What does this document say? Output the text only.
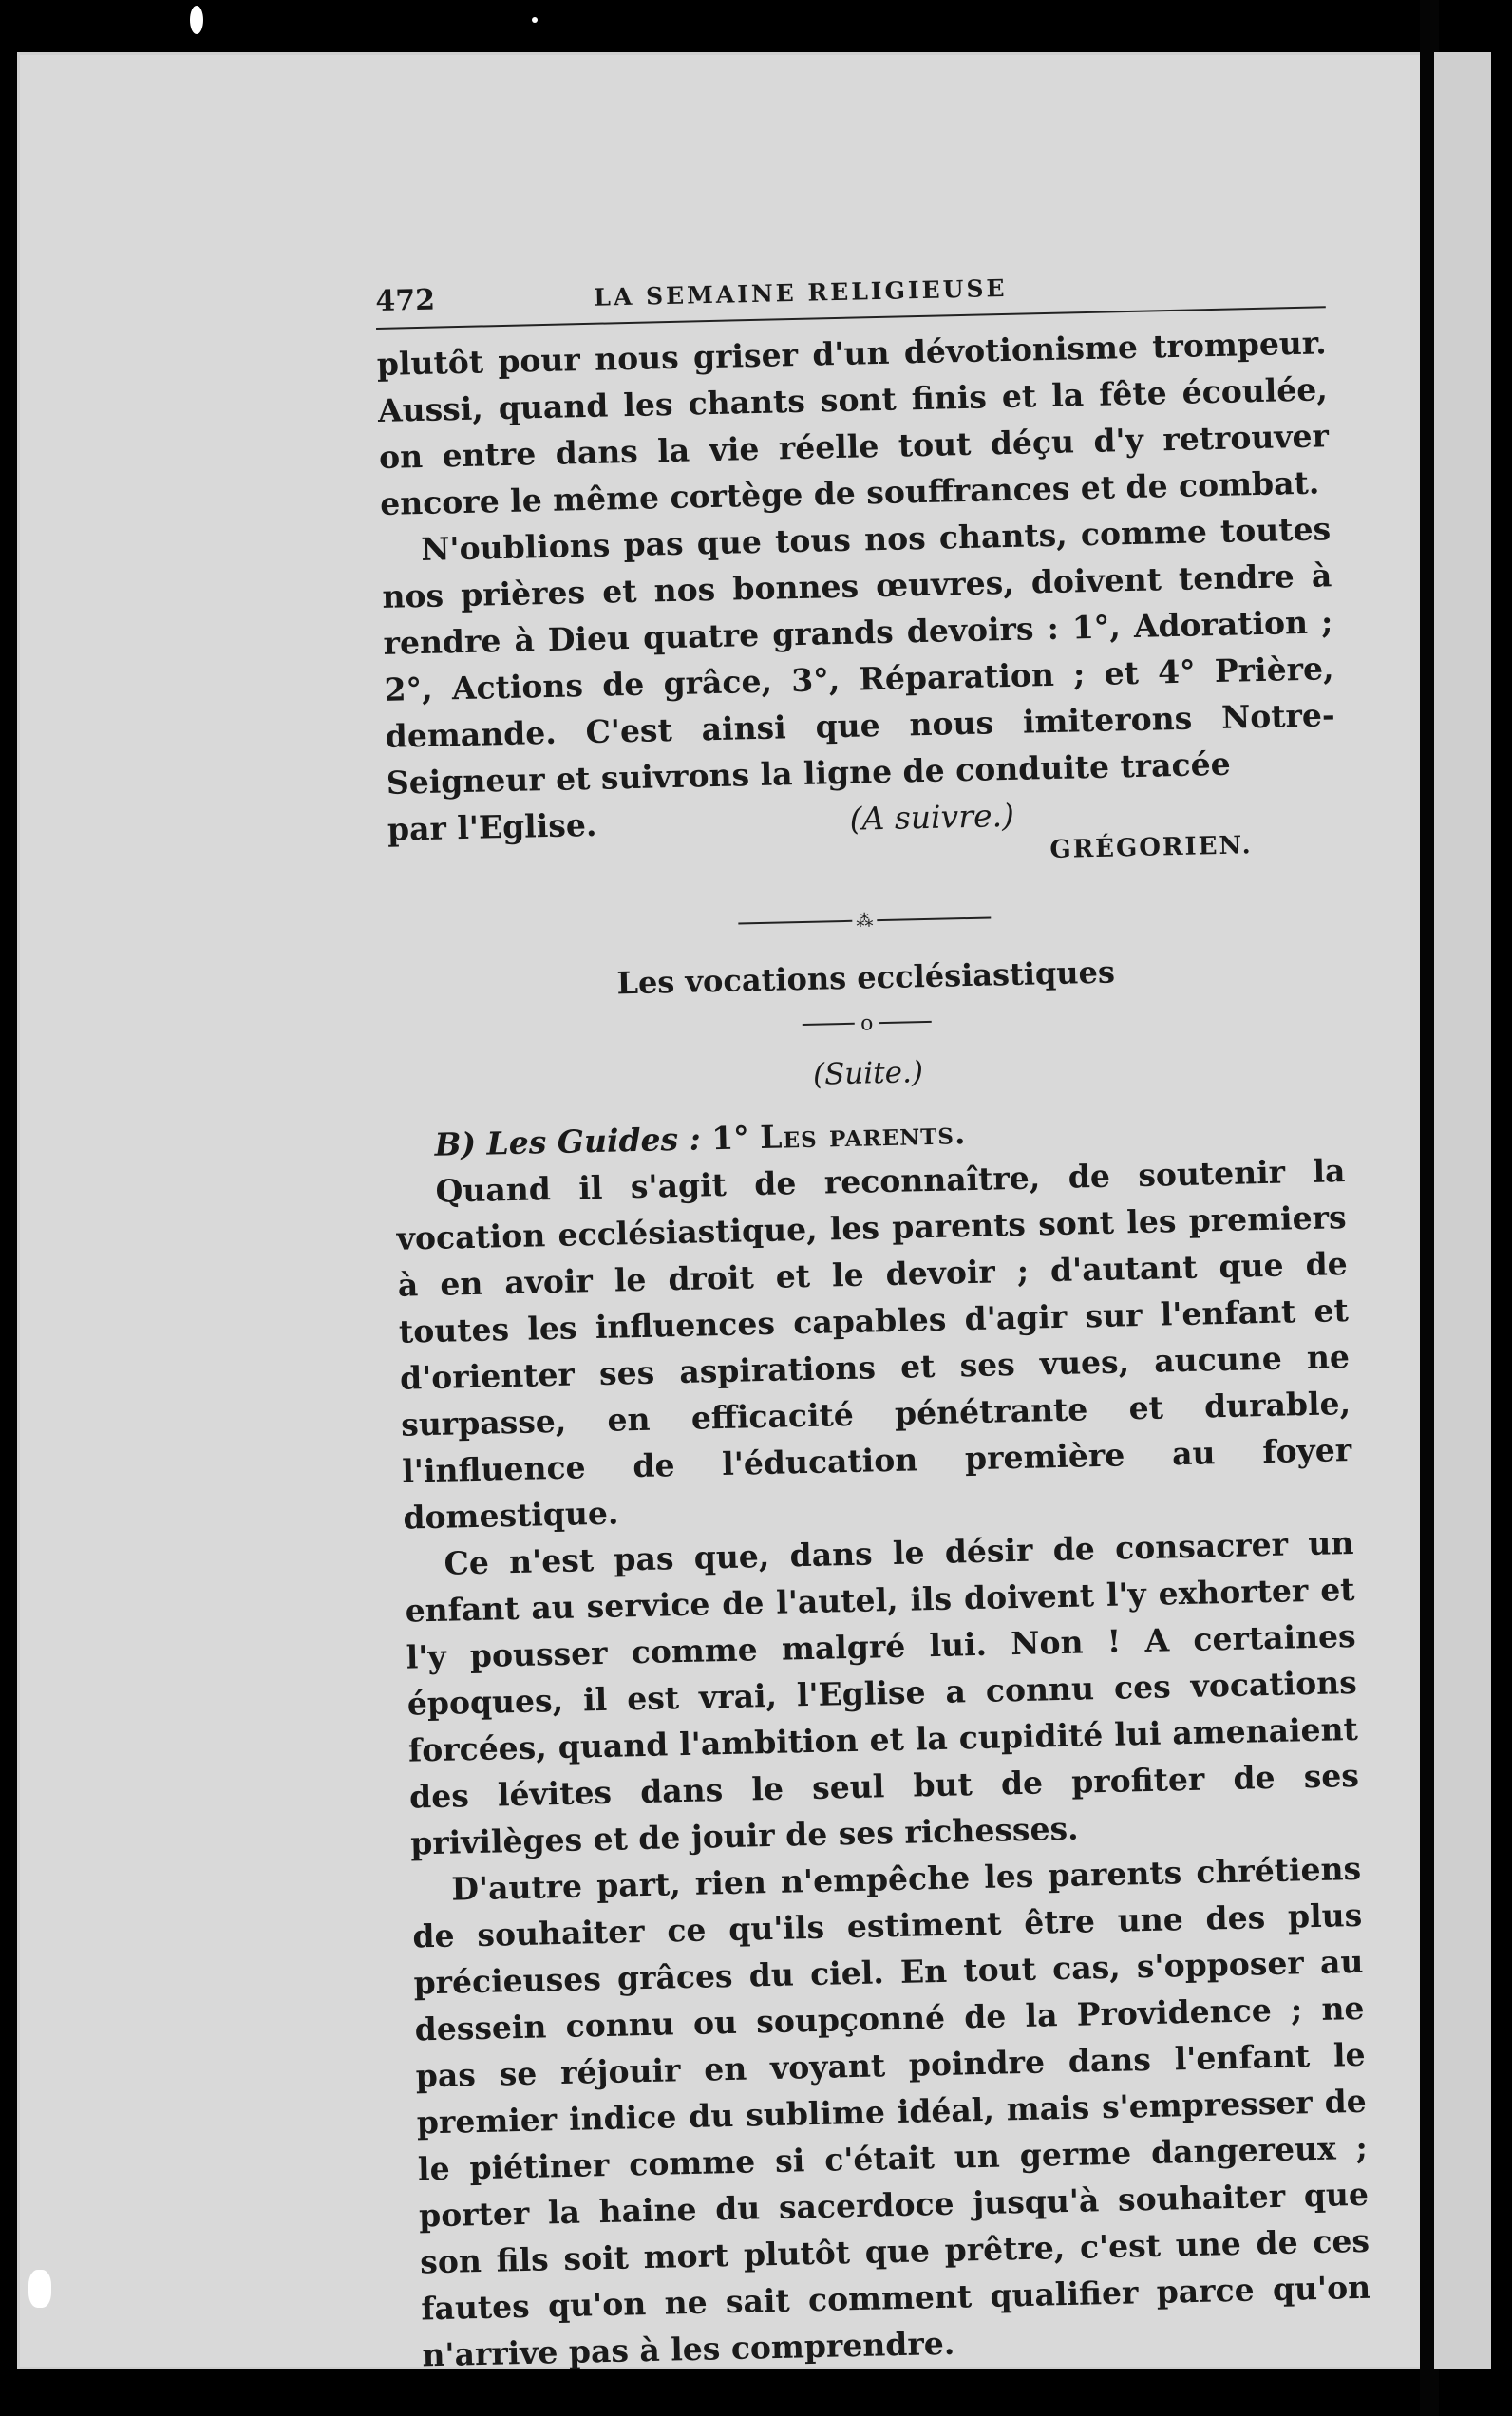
472	LA SEMAINE RELIGIEUSE

plutôt pour nous griser d'un dévotionisme trompeur. Aussi, quand les chants sont finis et la fête écoulée, on entre dans la vie réelle tout déçu d'y retrouver encore le même cortège de souffrances et de combat.

N'oublions pas que tous nos chants, comme toutes nos prières et nos bonnes œuvres, doivent tendre à rendre à Dieu quatre grands devoirs : 1°, Adoration ; 2°, Actions de grâce, 3°, Réparation ; et 4° Prière, demande. C'est ainsi que nous imiterons Notre-Seigneur et suivrons la ligne de conduite tracée

par l'Eglise.	(A suivre.)
GRÉGORIEN.
⁂
Les vocations ecclésiastiques
o
(Suite.)
B) Les Guides : 1° Les parents.

Quand il s'agit de reconnaître, de soutenir la vocation ecclésiastique, les parents sont les premiers à en avoir le droit et le devoir ; d'autant que de toutes les influences capables d'agir sur l'enfant et d'orienter ses aspirations et ses vues, aucune ne surpasse, en efficacité pénétrante et durable, l'influence de l'éducation première au foyer domestique.

Ce n'est pas que, dans le désir de consacrer un enfant au service de l'autel, ils doivent l'y exhorter et l'y pousser comme malgré lui. Non ! A certaines époques, il est vrai, l'Eglise a connu ces vocations forcées, quand l'ambition et la cupidité lui amenaient des lévites dans le seul but de profiter de ses privilèges et de jouir de ses richesses.

D'autre part, rien n'empêche les parents chrétiens de souhaiter ce qu'ils estiment être une des plus précieuses grâces du ciel. En tout cas, s'opposer au dessein connu ou soupçonné de la Providence ; ne pas se réjouir en voyant poindre dans l'enfant le premier indice du sublime idéal, mais s'empresser de le piétiner comme si c'était un germe dangereux ; porter la haine du sacerdoce jusqu'à souhaiter que son fils soit mort plutôt que prêtre, c'est une de ces fautes qu'on ne sait comment qualifier parce qu'on n'arrive pas à les comprendre.
